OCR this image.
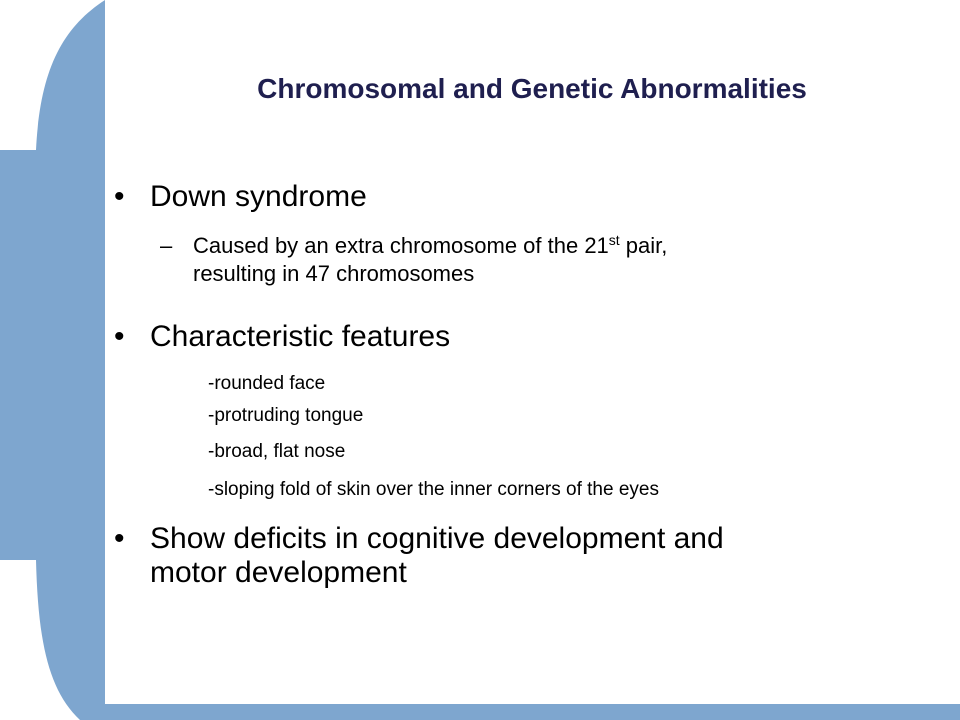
Chromosomal and Genetic Abnormalities
• Down syndrome
– Caused by an extra chromosome of the 21st pair,
resulting in 47 chromosomes
• Characteristic features
-rounded face
-protruding tongue
-broad, flat nose
-sloping fold of skin over the inner corners of the eyes
• Show deficits in cognitive development and
motor development
